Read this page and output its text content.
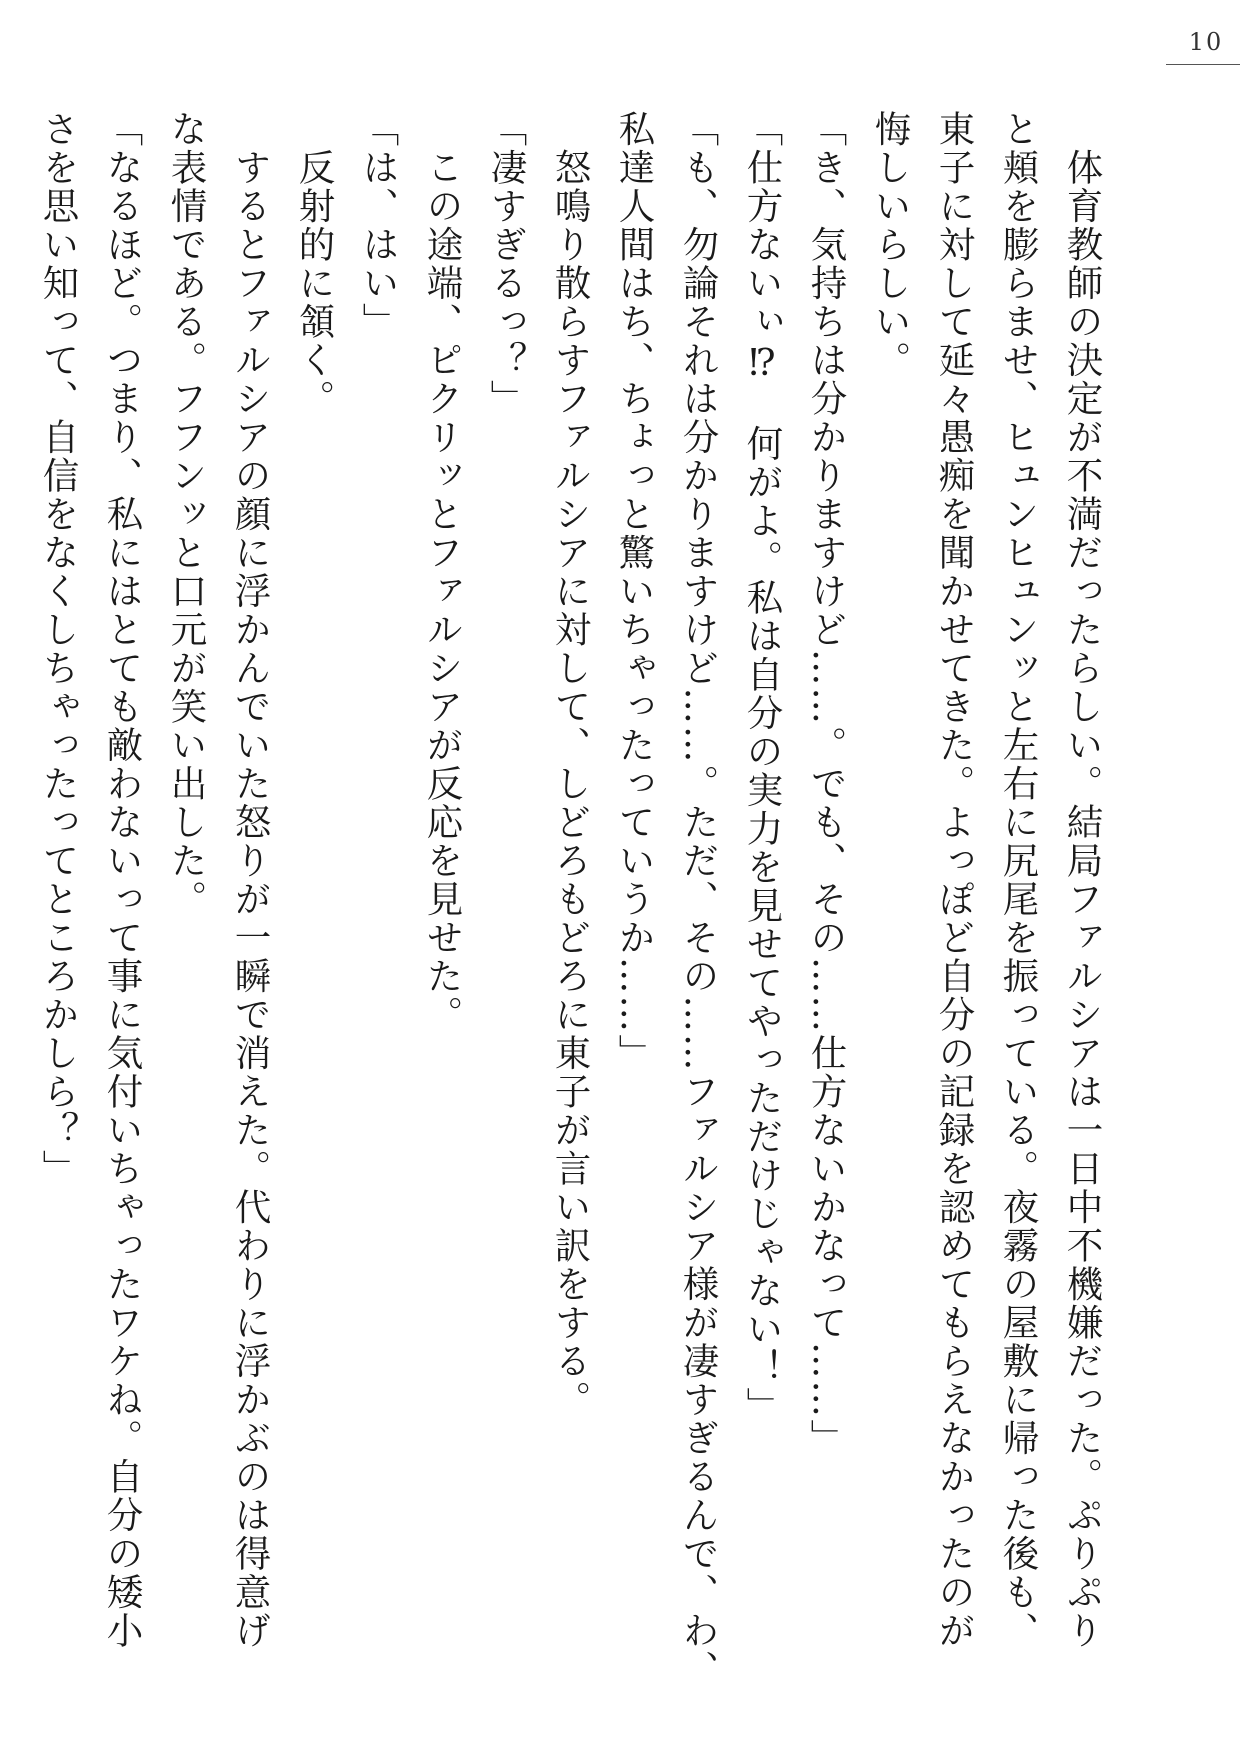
10
　体育教師の決定が不満だったらしい。結局ファルシアは一日中不機嫌だった。ぷりぷり
と頬を膨らませ、ヒュンヒュンッと左右に尻尾を振っている。夜霧の屋敷に帰った後も、
東子に対して延々愚痴を聞かせてきた。よっぽど自分の記録を認めてもらえなかったのが
悔しいらしい。
「き、気持ちは分かりますけど……。でも、その……仕方ないかなって……」
「仕方ないぃ⁉　何がよ。私は自分の実力を見せてやっただけじゃない！」
「も、勿論それは分かりますけど……。ただ、その……ファルシア様が凄すぎるんで、わ、
私達人間はち、ちょっと驚いちゃったっていうか……」
　怒鳴り散らすファルシアに対して、しどろもどろに東子が言い訳をする。
「凄すぎるっ？」
　この途端、ピクリッとファルシアが反応を見せた。
「は、はい」
　反射的に頷く。
　するとファルシアの顔に浮かんでいた怒りが一瞬で消えた。代わりに浮かぶのは得意げ
な表情である。フフンッと口元が笑い出した。
「なるほど。つまり、私にはとても敵わないって事に気付いちゃったワケね。自分の矮小
さを思い知って、自信をなくしちゃったってところかしら？」
